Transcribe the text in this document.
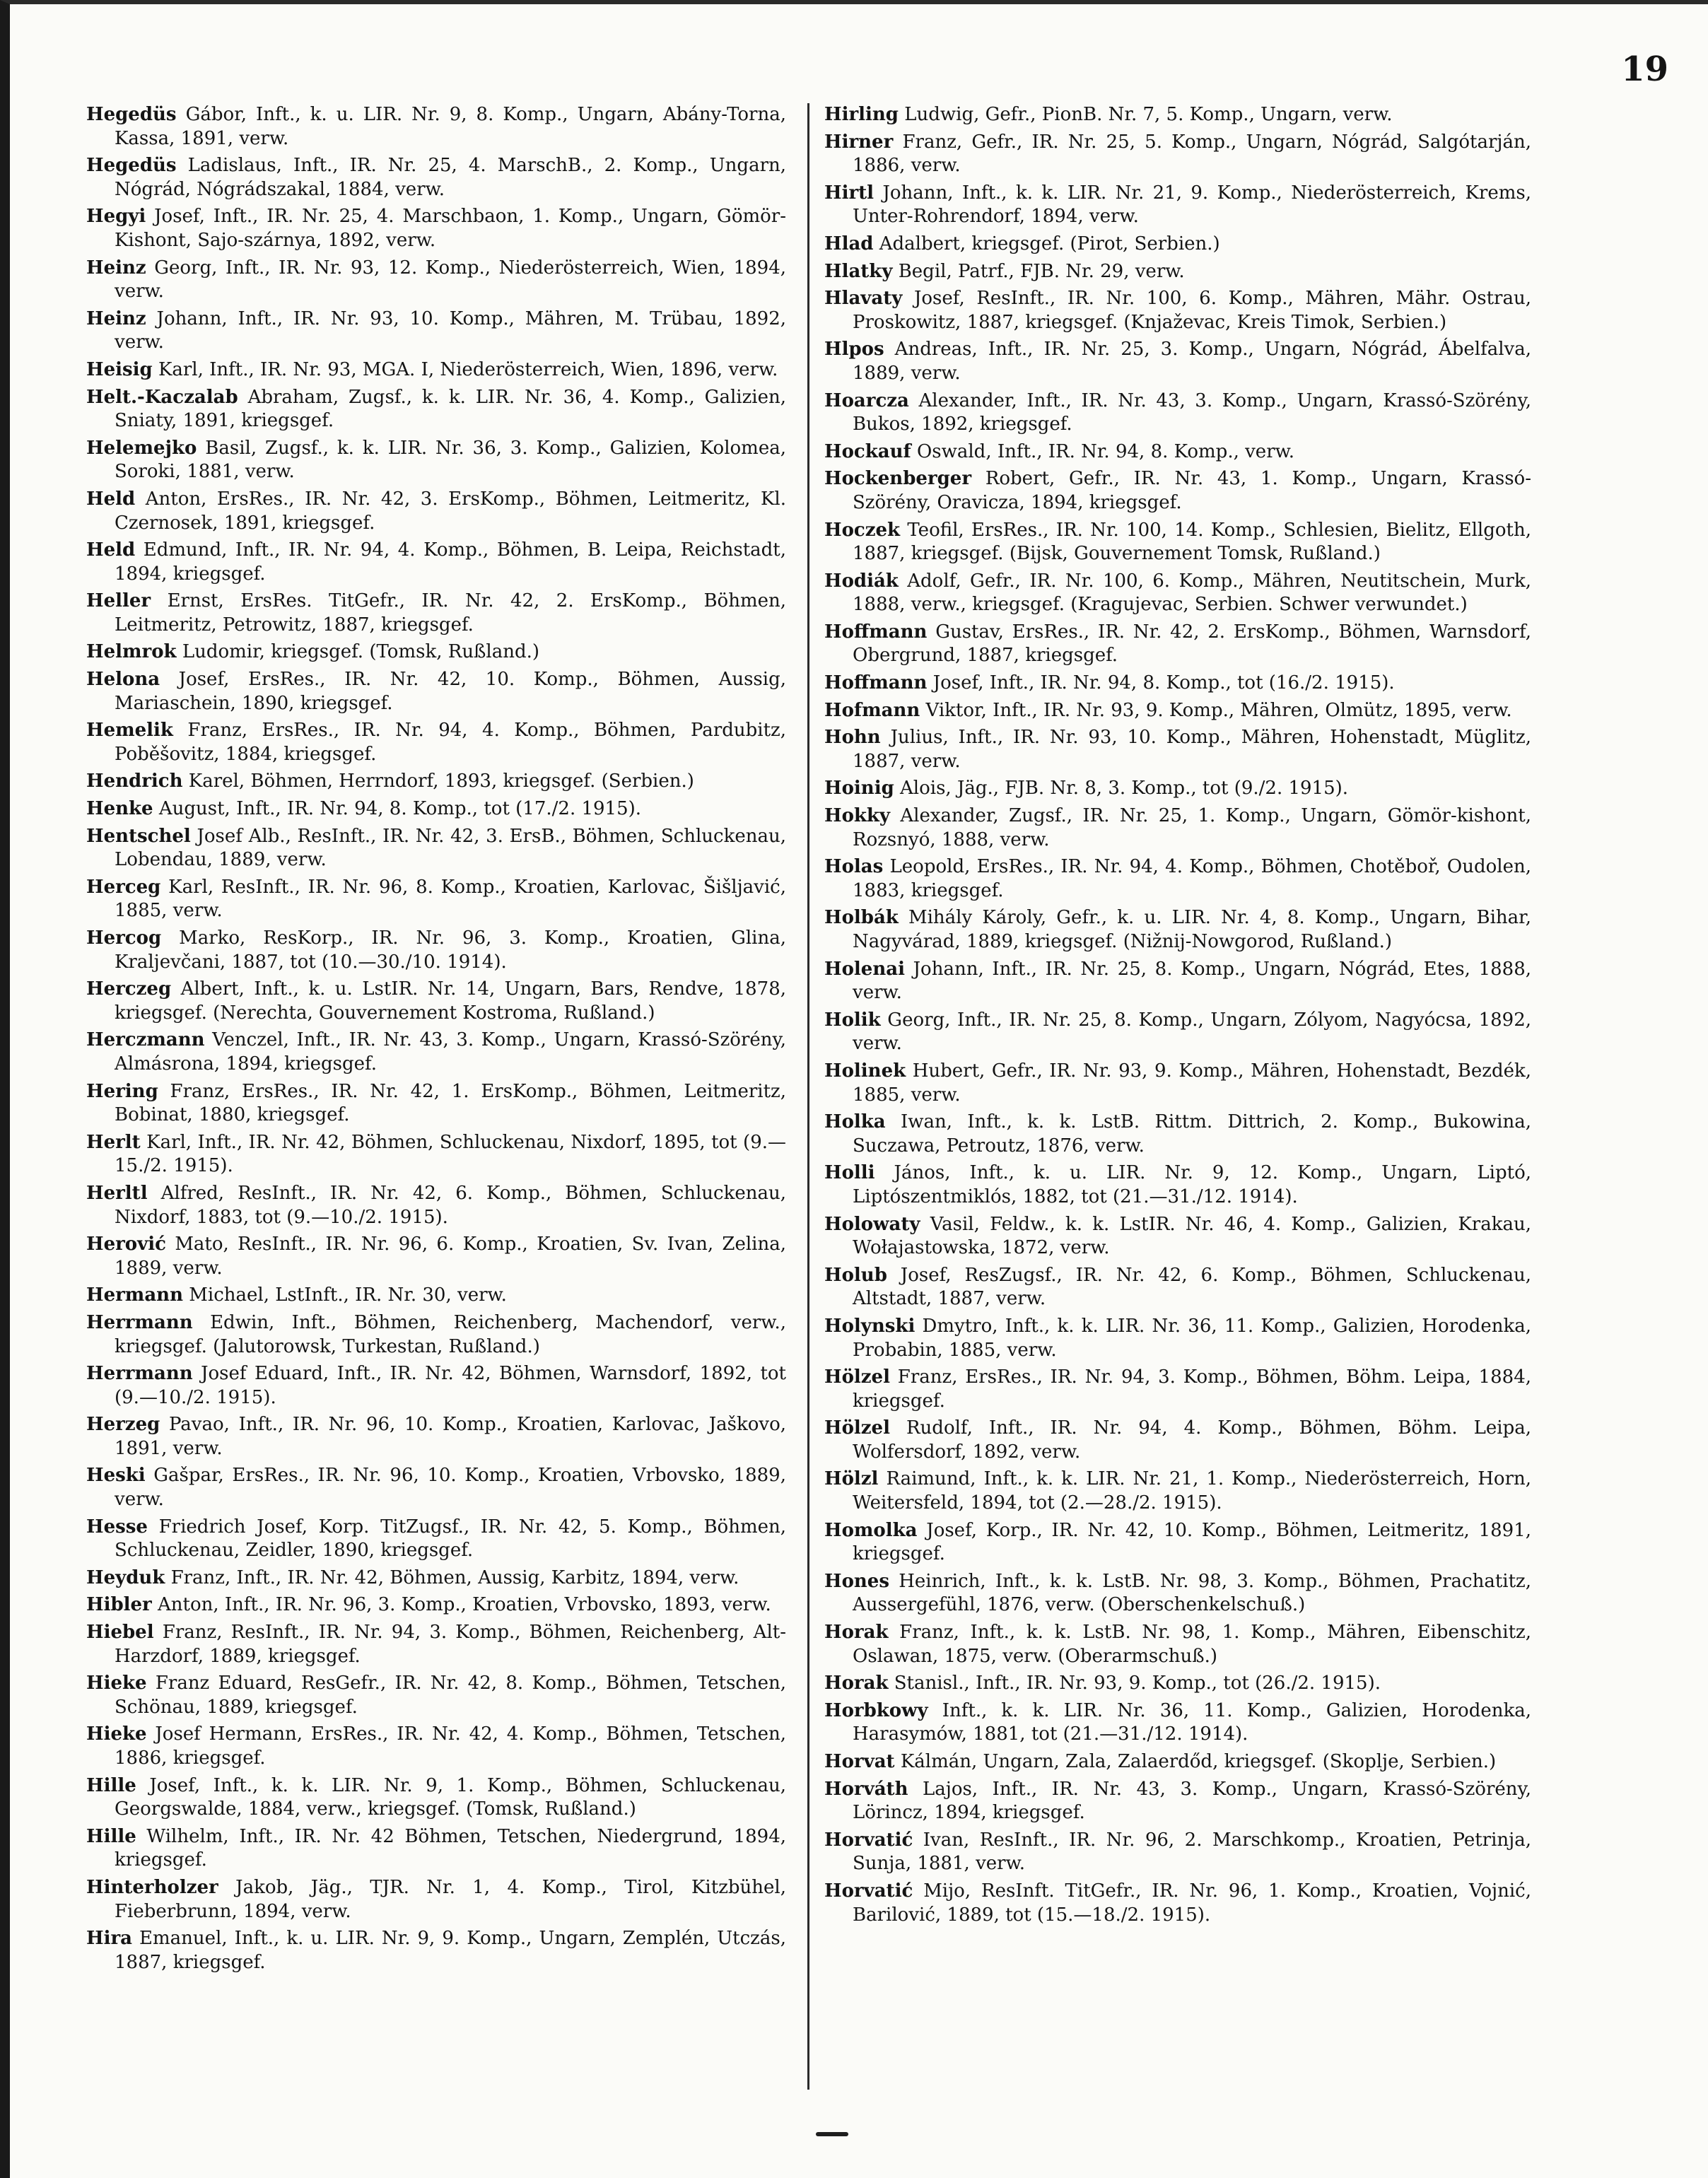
19
Hegedüs Gábor, Inft., k. u. LIR. Nr. 9, 8. Komp., Ungarn, Abány-Torna, Kassa, 1891, verw.
Hegedüs Ladislaus, Inft., IR. Nr. 25, 4. MarschB., 2. Komp., Ungarn, Nógrád, Nógrádszakal, 1884, verw.
Hegyi Josef, Inft., IR. Nr. 25, 4. Marschbaon, 1. Komp., Ungarn, Gömör-Kishont, Sajo-szárnya, 1892, verw.
Heinz Georg, Inft., IR. Nr. 93, 12. Komp., Niederösterreich, Wien, 1894, verw.
Heinz Johann, Inft., IR. Nr. 93, 10. Komp., Mähren, M. Trübau, 1892, verw.
Heisig Karl, Inft., IR. Nr. 93, MGA. I, Niederösterreich, Wien, 1896, verw.
Helt.-Kaczalab Abraham, Zugsf., k. k. LIR. Nr. 36, 4. Komp., Galizien, Sniaty, 1891, kriegsgef.
Helemejko Basil, Zugsf., k. k. LIR. Nr. 36, 3. Komp., Galizien, Kolomea, Soroki, 1881, verw.
Held Anton, ErsRes., IR. Nr. 42, 3. ErsKomp., Böhmen, Leitmeritz, Kl. Czernosek, 1891, kriegsgef.
Held Edmund, Inft., IR. Nr. 94, 4. Komp., Böhmen, B. Leipa, Reichstadt, 1894, kriegsgef.
Heller Ernst, ErsRes. TitGefr., IR. Nr. 42, 2. ErsKomp., Böhmen, Leitmeritz, Petrowitz, 1887, kriegsgef.
Helmrok Ludomir, kriegsgef. (Tomsk, Rußland.)
Helona Josef, ErsRes., IR. Nr. 42, 10. Komp., Böhmen, Aussig, Mariaschein, 1890, kriegsgef.
Hemelik Franz, ErsRes., IR. Nr. 94, 4. Komp., Böhmen, Pardubitz, Poběšovitz, 1884, kriegsgef.
Hendrich Karel, Böhmen, Herrndorf, 1893, kriegsgef. (Serbien.)
Henke August, Inft., IR. Nr. 94, 8. Komp., tot (17./2. 1915).
Hentschel Josef Alb., ResInft., IR. Nr. 42, 3. ErsB., Böhmen, Schluckenau, Lobendau, 1889, verw.
Herceg Karl, ResInft., IR. Nr. 96, 8. Komp., Kroatien, Karlovac, Šišljavić, 1885, verw.
Hercog Marko, ResKorp., IR. Nr. 96, 3. Komp., Kroatien, Glina, Kraljevčani, 1887, tot (10.—30./10. 1914).
Herczeg Albert, Inft., k. u. LstIR. Nr. 14, Ungarn, Bars, Rendve, 1878, kriegsgef. (Nerechta, Gouvernement Kostroma, Rußland.)
Herczmann Venczel, Inft., IR. Nr. 43, 3. Komp., Ungarn, Krassó-Szörény, Almásrona, 1894, kriegsgef.
Hering Franz, ErsRes., IR. Nr. 42, 1. ErsKomp., Böhmen, Leitmeritz, Bobinat, 1880, kriegsgef.
Herlt Karl, Inft., IR. Nr. 42, Böhmen, Schluckenau, Nixdorf, 1895, tot (9.—15./2. 1915).
Herltl Alfred, ResInft., IR. Nr. 42, 6. Komp., Böhmen, Schluckenau, Nixdorf, 1883, tot (9.—10./2. 1915).
Herović Mato, ResInft., IR. Nr. 96, 6. Komp., Kroatien, Sv. Ivan, Zelina, 1889, verw.
Hermann Michael, LstInft., IR. Nr. 30, verw.
Herrmann Edwin, Inft., Böhmen, Reichenberg, Machendorf, verw., kriegsgef. (Jalutorowsk, Turkestan, Rußland.)
Herrmann Josef Eduard, Inft., IR. Nr. 42, Böhmen, Warnsdorf, 1892, tot (9.—10./2. 1915).
Herzeg Pavao, Inft., IR. Nr. 96, 10. Komp., Kroatien, Karlovac, Jaškovo, 1891, verw.
Heski Gašpar, ErsRes., IR. Nr. 96, 10. Komp., Kroatien, Vrbovsko, 1889, verw.
Hesse Friedrich Josef, Korp. TitZugsf., IR. Nr. 42, 5. Komp., Böhmen, Schluckenau, Zeidler, 1890, kriegsgef.
Heyduk Franz, Inft., IR. Nr. 42, Böhmen, Aussig, Karbitz, 1894, verw.
Hibler Anton, Inft., IR. Nr. 96, 3. Komp., Kroatien, Vrbovsko, 1893, verw.
Hiebel Franz, ResInft., IR. Nr. 94, 3. Komp., Böhmen, Reichenberg, Alt-Harzdorf, 1889, kriegsgef.
Hieke Franz Eduard, ResGefr., IR. Nr. 42, 8. Komp., Böhmen, Tetschen, Schönau, 1889, kriegsgef.
Hieke Josef Hermann, ErsRes., IR. Nr. 42, 4. Komp., Böhmen, Tetschen, 1886, kriegsgef.
Hille Josef, Inft., k. k. LIR. Nr. 9, 1. Komp., Böhmen, Schluckenau, Georgswalde, 1884, verw., kriegsgef. (Tomsk, Rußland.)
Hille Wilhelm, Inft., IR. Nr. 42 Böhmen, Tetschen, Niedergrund, 1894, kriegsgef.
Hinterholzer Jakob, Jäg., TJR. Nr. 1, 4. Komp., Tirol, Kitzbühel, Fieberbrunn, 1894, verw.
Hira Emanuel, Inft., k. u. LIR. Nr. 9, 9. Komp., Ungarn, Zemplén, Utczás, 1887, kriegsgef.
Hirling Ludwig, Gefr., PionB. Nr. 7, 5. Komp., Ungarn, verw.
Hirner Franz, Gefr., IR. Nr. 25, 5. Komp., Ungarn, Nógrád, Salgótarján, 1886, verw.
Hirtl Johann, Inft., k. k. LIR. Nr. 21, 9. Komp., Niederösterreich, Krems, Unter-Rohrendorf, 1894, verw.
Hlad Adalbert, kriegsgef. (Pirot, Serbien.)
Hlatky Begil, Patrf., FJB. Nr. 29, verw.
Hlavaty Josef, ResInft., IR. Nr. 100, 6. Komp., Mähren, Mähr. Ostrau, Proskowitz, 1887, kriegsgef. (Knjaževac, Kreis Timok, Serbien.)
Hlpos Andreas, Inft., IR. Nr. 25, 3. Komp., Ungarn, Nógrád, Ábelfalva, 1889, verw.
Hoarcza Alexander, Inft., IR. Nr. 43, 3. Komp., Ungarn, Krassó-Szörény, Bukos, 1892, kriegsgef.
Hockauf Oswald, Inft., IR. Nr. 94, 8. Komp., verw.
Hockenberger Robert, Gefr., IR. Nr. 43, 1. Komp., Ungarn, Krassó-Szörény, Oravicza, 1894, kriegsgef.
Hoczek Teofil, ErsRes., IR. Nr. 100, 14. Komp., Schlesien, Bielitz, Ellgoth, 1887, kriegsgef. (Bijsk, Gouvernement Tomsk, Rußland.)
Hodiák Adolf, Gefr., IR. Nr. 100, 6. Komp., Mähren, Neutitschein, Murk, 1888, verw., kriegsgef. (Kragujevac, Serbien. Schwer verwundet.)
Hoffmann Gustav, ErsRes., IR. Nr. 42, 2. ErsKomp., Böhmen, Warnsdorf, Obergrund, 1887, kriegsgef.
Hoffmann Josef, Inft., IR. Nr. 94, 8. Komp., tot (16./2. 1915).
Hofmann Viktor, Inft., IR. Nr. 93, 9. Komp., Mähren, Olmütz, 1895, verw.
Hohn Julius, Inft., IR. Nr. 93, 10. Komp., Mähren, Hohenstadt, Müglitz, 1887, verw.
Hoinig Alois, Jäg., FJB. Nr. 8, 3. Komp., tot (9./2. 1915).
Hokky Alexander, Zugsf., IR. Nr. 25, 1. Komp., Ungarn, Gömör-kishont, Rozsnyó, 1888, verw.
Holas Leopold, ErsRes., IR. Nr. 94, 4. Komp., Böhmen, Chotěboř, Oudolen, 1883, kriegsgef.
Holbák Mihály Károly, Gefr., k. u. LIR. Nr. 4, 8. Komp., Ungarn, Bihar, Nagyvárad, 1889, kriegsgef. (Nižnij-Nowgorod, Rußland.)
Holenai Johann, Inft., IR. Nr. 25, 8. Komp., Ungarn, Nógrád, Etes, 1888, verw.
Holik Georg, Inft., IR. Nr. 25, 8. Komp., Ungarn, Zólyom, Nagyócsa, 1892, verw.
Holinek Hubert, Gefr., IR. Nr. 93, 9. Komp., Mähren, Hohenstadt, Bezdék, 1885, verw.
Holka Iwan, Inft., k. k. LstB. Rittm. Dittrich, 2. Komp., Bukowina, Suczawa, Petroutz, 1876, verw.
Holli János, Inft., k. u. LIR. Nr. 9, 12. Komp., Ungarn, Liptó, Liptószentmiklós, 1882, tot (21.—31./12. 1914).
Holowaty Vasil, Feldw., k. k. LstIR. Nr. 46, 4. Komp., Galizien, Krakau, Wołajastowska, 1872, verw.
Holub Josef, ResZugsf., IR. Nr. 42, 6. Komp., Böhmen, Schluckenau, Altstadt, 1887, verw.
Holynski Dmytro, Inft., k. k. LIR. Nr. 36, 11. Komp., Galizien, Horodenka, Probabin, 1885, verw.
Hölzel Franz, ErsRes., IR. Nr. 94, 3. Komp., Böhmen, Böhm. Leipa, 1884, kriegsgef.
Hölzel Rudolf, Inft., IR. Nr. 94, 4. Komp., Böhmen, Böhm. Leipa, Wolfersdorf, 1892, verw.
Hölzl Raimund, Inft., k. k. LIR. Nr. 21, 1. Komp., Niederösterreich, Horn, Weitersfeld, 1894, tot (2.—28./2. 1915).
Homolka Josef, Korp., IR. Nr. 42, 10. Komp., Böhmen, Leitmeritz, 1891, kriegsgef.
Hones Heinrich, Inft., k. k. LstB. Nr. 98, 3. Komp., Böhmen, Prachatitz, Aussergefühl, 1876, verw. (Oberschenkelschuß.)
Horak Franz, Inft., k. k. LstB. Nr. 98, 1. Komp., Mähren, Eibenschitz, Oslawan, 1875, verw. (Oberarmschuß.)
Horak Stanisl., Inft., IR. Nr. 93, 9. Komp., tot (26./2. 1915).
Horbkowy Inft., k. k. LIR. Nr. 36, 11. Komp., Galizien, Horodenka, Harasymów, 1881, tot (21.—31./12. 1914).
Horvat Kálmán, Ungarn, Zala, Zalaerdőd, kriegsgef. (Skoplje, Serbien.)
Horváth Lajos, Inft., IR. Nr. 43, 3. Komp., Ungarn, Krassó-Szörény, Lörincz, 1894, kriegsgef.
Horvatić Ivan, ResInft., IR. Nr. 96, 2. Marschkomp., Kroatien, Petrinja, Sunja, 1881, verw.
Horvatić Mijo, ResInft. TitGefr., IR. Nr. 96, 1. Komp., Kroatien, Vojnić, Barilović, 1889, tot (15.—18./2. 1915).
